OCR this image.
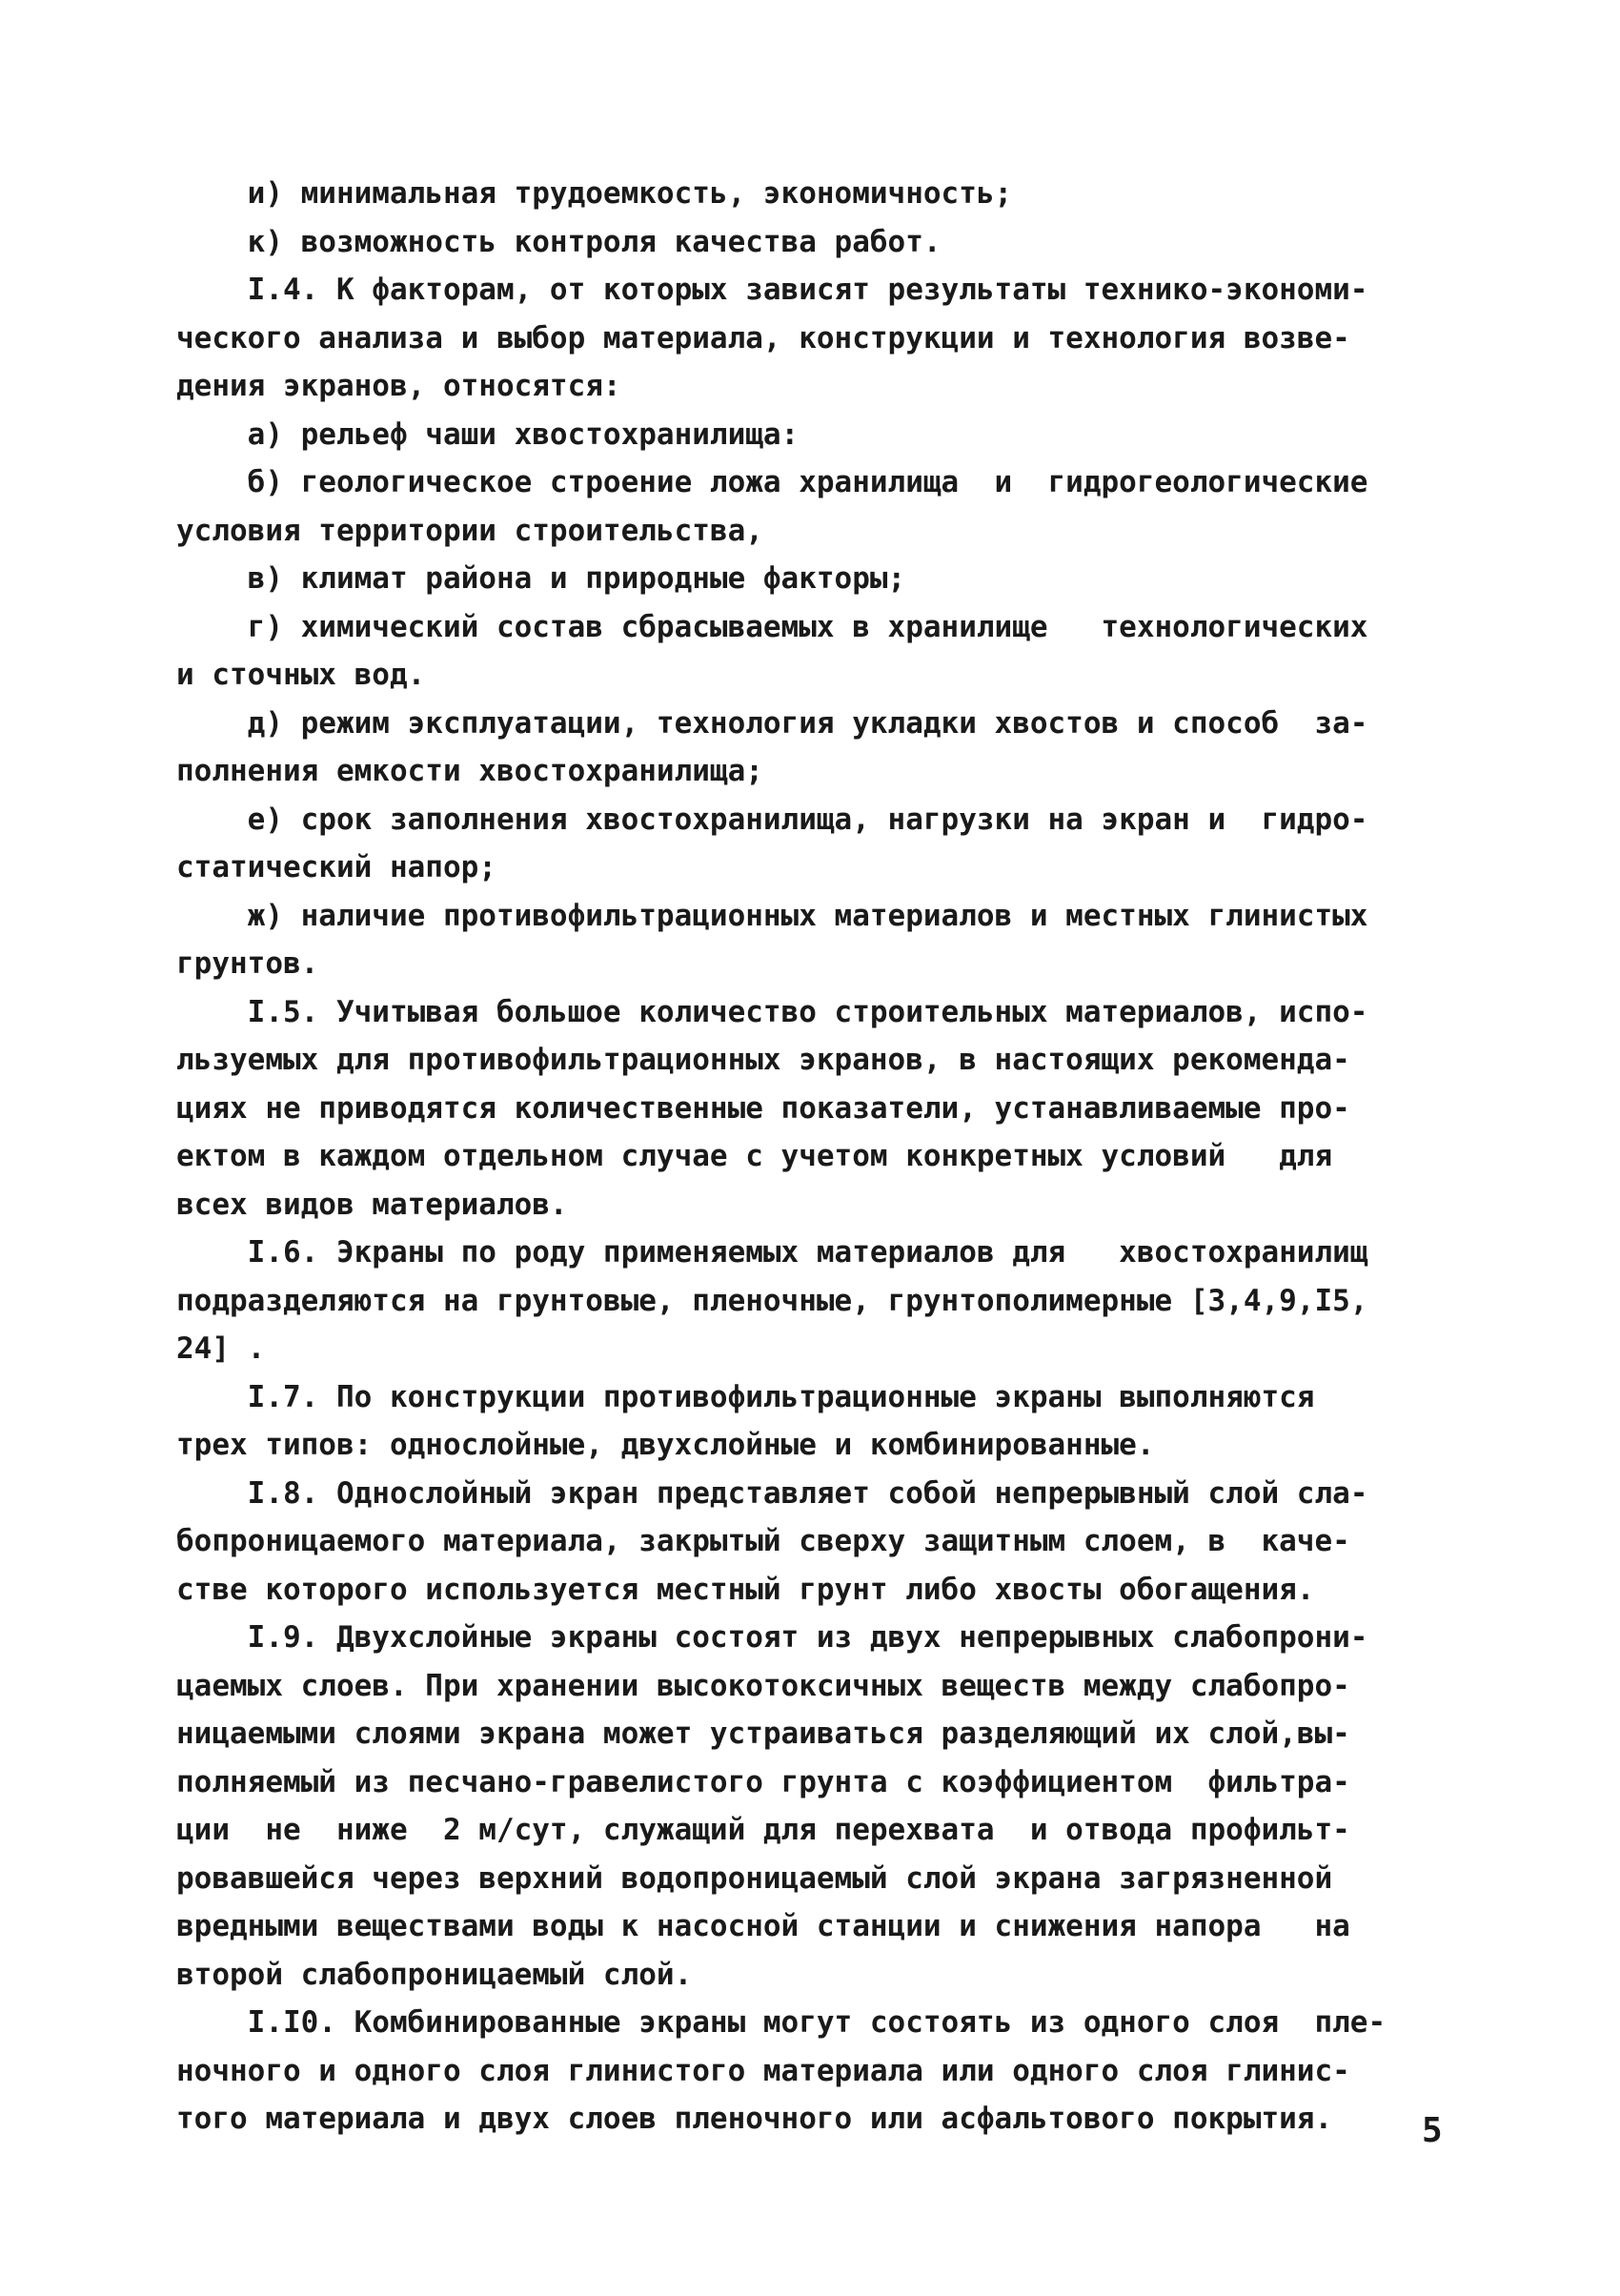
и) минимальная трудоемкость, экономичность;
к) возможность контроля качества работ.
I.4. К факторам, от которых зависят результаты технико-экономи-
ческого анализа и выбор материала, конструкции и технология возве-
дения экранов, относятся:
а) рельеф чаши хвостохранилища:
б) геологическое строение ложа хранилища  и  гидрогеологические
условия территории строительства,
в) климат района и природные факторы;
г) химический состав сбрасываемых в хранилище   технологических
и сточных вод.
д) режим эксплуатации, технология укладки хвостов и способ  за-
полнения емкости хвостохранилища;
е) срок заполнения хвостохранилища, нагрузки на экран и  гидро-
статический напор;
ж) наличие противофильтрационных материалов и местных глинистых
грунтов.
I.5. Учитывая большое количество строительных материалов, испо-
льзуемых для противофильтрационных экранов, в настоящих рекоменда-
циях не приводятся количественные показатели, устанавливаемые про-
ектом в каждом отдельном случае с учетом конкретных условий   для
всех видов материалов.
I.6. Экраны по роду применяемых материалов для   хвостохранилищ
подразделяются на грунтовые, пленочные, грунтополимерные [3,4,9,I5,
24] .
I.7. По конструкции противофильтрационные экраны выполняются
трех типов: однослойные, двухслойные и комбинированные.
I.8. Однослойный экран представляет собой непрерывный слой сла-
бопроницаемого материала, закрытый сверху защитным слоем, в  каче-
стве которого используется местный грунт либо хвосты обогащения.
I.9. Двухслойные экраны состоят из двух непрерывных слабопрони-
цаемых слоев. При хранении высокотоксичных веществ между слабопро-
ницаемыми слоями экрана может устраиваться разделяющий их слой,вы-
полняемый из песчано-гравелистого грунта с коэффициентом  фильтра-
ции  не  ниже  2 м/сут, служащий для перехвата  и отвода профильт-
ровавшейся через верхний водопроницаемый слой экрана загрязненной
вредными веществами воды к насосной станции и снижения напора   на
второй слабопроницаемый слой.
I.I0. Комбинированные экраны могут состоять из одного слоя  пле-
ночного и одного слоя глинистого материала или одного слоя глинис-
того материала и двух слоев пленочного или асфальтового покрытия.	5
